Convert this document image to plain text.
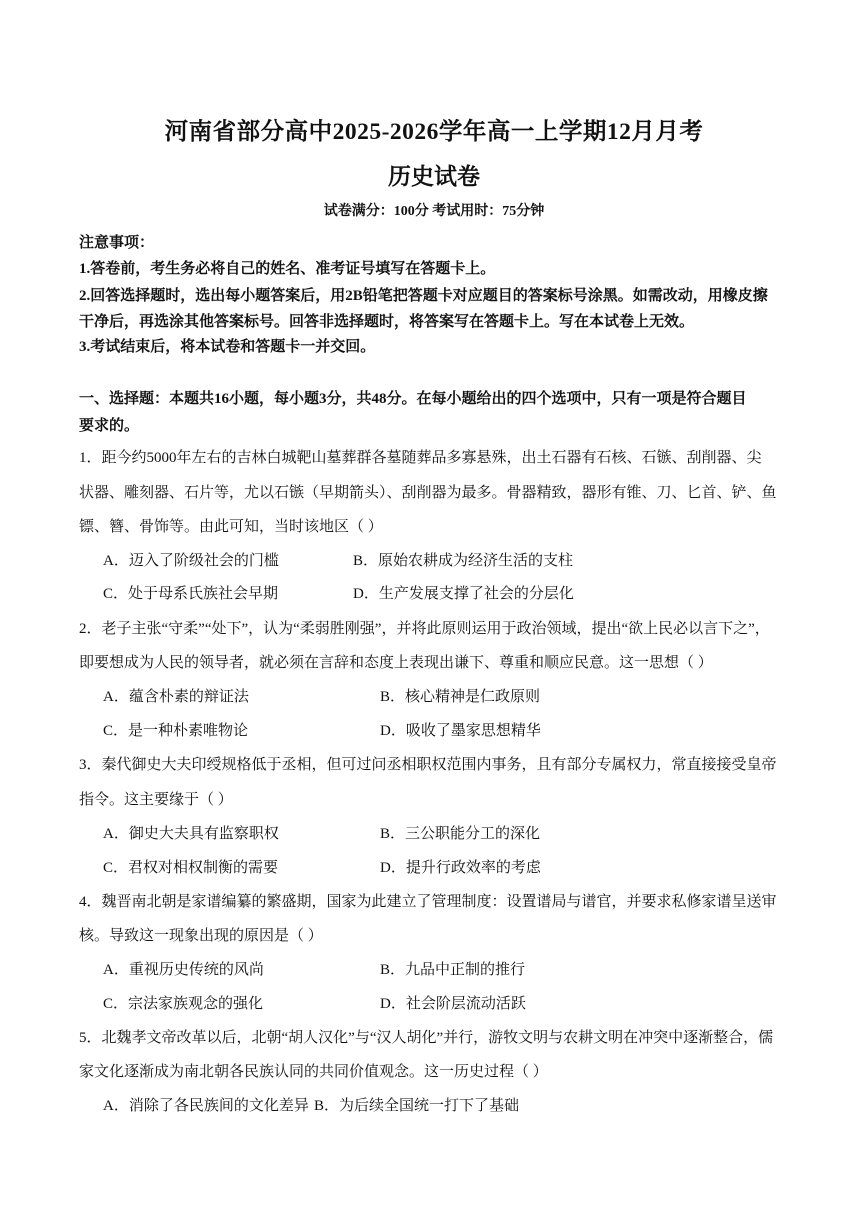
河南省部分高中2025-2026学年高一上学期12月月考
历史试卷
试卷满分：100分 考试用时：75分钟
注意事项：
1.答卷前，考生务必将自己的姓名、准考证号填写在答题卡上。
2.回答选择题时，选出每小题答案后，用2B铅笔把答题卡对应题目的答案标号涂黑。如需改动，用橡皮擦
干净后，再选涂其他答案标号。回答非选择题时，将答案写在答题卡上。写在本试卷上无效。
3.考试结束后，将本试卷和答题卡一并交回。
一、选择题：本题共16小题，每小题3分，共48分。在每小题给出的四个选项中，只有一项是符合题目
要求的。
1．距今约5000年左右的吉林白城靶山墓葬群各墓随葬品多寡悬殊，出土石器有石核、石镞、刮削器、尖
状器、雕刻器、石片等，尤以石镞（早期箭头）、刮削器为最多。骨器精致，器形有锥、刀、匕首、铲、鱼
镖、簪、骨饰等。由此可知，当时该地区（ ）
A．迈入了阶级社会的门槛	B．原始农耕成为经济生活的支柱
C．处于母系氏族社会早期	D．生产发展支撑了社会的分层化
2．老子主张“守柔”“处下”，认为“柔弱胜刚强”，并将此原则运用于政治领域，提出“欲上民必以言下之”，
即要想成为人民的领导者，就必须在言辞和态度上表现出谦下、尊重和顺应民意。这一思想（ ）
A．蕴含朴素的辩证法	B．核心精神是仁政原则
C．是一种朴素唯物论	D．吸收了墨家思想精华
3．秦代御史大夫印绶规格低于丞相，但可过问丞相职权范围内事务，且有部分专属权力，常直接接受皇帝
指令。这主要缘于（ ）
A．御史大夫具有监察职权	B．三公职能分工的深化
C．君权对相权制衡的需要	D．提升行政效率的考虑
4．魏晋南北朝是家谱编纂的繁盛期，国家为此建立了管理制度：设置谱局与谱官，并要求私修家谱呈送审
核。导致这一现象出现的原因是（ ）
A．重视历史传统的风尚	B．九品中正制的推行
C．宗法家族观念的强化	D．社会阶层流动活跃
5．北魏孝文帝改革以后，北朝“胡人汉化”与“汉人胡化”并行，游牧文明与农耕文明在冲突中逐渐整合，儒
家文化逐渐成为南北朝各民族认同的共同价值观念。这一历史过程（ ）
A．消除了各民族间的文化差异 B．为后续全国统一打下了基础
